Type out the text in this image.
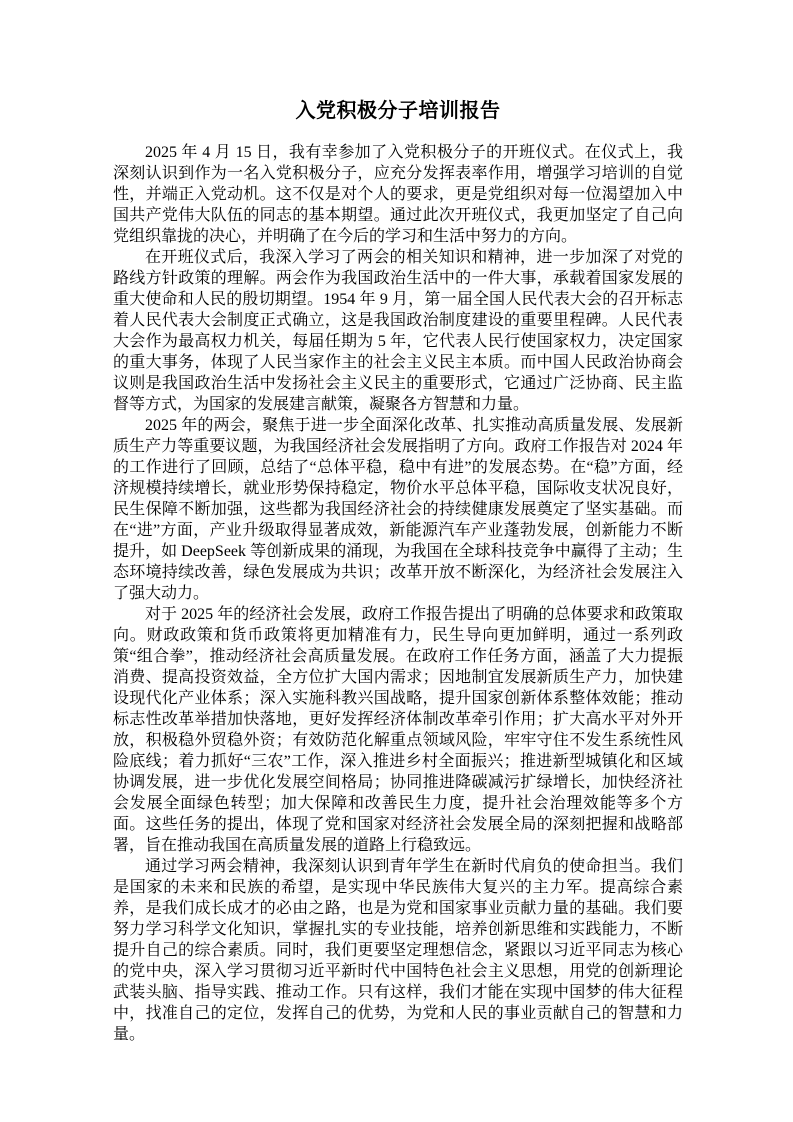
入党积极分子培训报告

2025 年 4 月 15 日，我有幸参加了入党积极分子的开班仪式。在仪式上，我深刻认识到作为一名入党积极分子，应充分发挥表率作用，增强学习培训的自觉性，并端正入党动机。这不仅是对个人的要求，更是党组织对每一位渴望加入中国共产党伟大队伍的同志的基本期望。通过此次开班仪式，我更加坚定了自己向党组织靠拢的决心，并明确了在今后的学习和生活中努力的方向。

在开班仪式后，我深入学习了两会的相关知识和精神，进一步加深了对党的路线方针政策的理解。两会作为我国政治生活中的一件大事，承载着国家发展的重大使命和人民的殷切期望。1954 年 9 月，第一届全国人民代表大会的召开标志着人民代表大会制度正式确立，这是我国政治制度建设的重要里程碑。人民代表大会作为最高权力机关，每届任期为 5 年，它代表人民行使国家权力，决定国家的重大事务，体现了人民当家作主的社会主义民主本质。而中国人民政治协商会议则是我国政治生活中发扬社会主义民主的重要形式，它通过广泛协商、民主监督等方式，为国家的发展建言献策，凝聚各方智慧和力量。

2025 年的两会，聚焦于进一步全面深化改革、扎实推动高质量发展、发展新质生产力等重要议题，为我国经济社会发展指明了方向。政府工作报告对 2024 年的工作进行了回顾，总结了“总体平稳，稳中有进”的发展态势。在“稳”方面，经济规模持续增长，就业形势保持稳定，物价水平总体平稳，国际收支状况良好，民生保障不断加强，这些都为我国经济社会的持续健康发展奠定了坚实基础。而在“进”方面，产业升级取得显著成效，新能源汽车产业蓬勃发展，创新能力不断提升，如 DeepSeek 等创新成果的涌现，为我国在全球科技竞争中赢得了主动；生态环境持续改善，绿色发展成为共识；改革开放不断深化，为经济社会发展注入了强大动力。

对于 2025 年的经济社会发展，政府工作报告提出了明确的总体要求和政策取向。财政政策和货币政策将更加精准有力，民生导向更加鲜明，通过一系列政策“组合拳”，推动经济社会高质量发展。在政府工作任务方面，涵盖了大力提振消费、提高投资效益，全方位扩大国内需求；因地制宜发展新质生产力，加快建设现代化产业体系；深入实施科教兴国战略，提升国家创新体系整体效能；推动标志性改革举措加快落地，更好发挥经济体制改革牵引作用；扩大高水平对外开放，积极稳外贸稳外资；有效防范化解重点领域风险，牢牢守住不发生系统性风险底线；着力抓好“三农”工作，深入推进乡村全面振兴；推进新型城镇化和区域协调发展，进一步优化发展空间格局；协同推进降碳减污扩绿增长，加快经济社会发展全面绿色转型；加大保障和改善民生力度，提升社会治理效能等多个方面。这些任务的提出，体现了党和国家对经济社会发展全局的深刻把握和战略部署，旨在推动我国在高质量发展的道路上行稳致远。

通过学习两会精神，我深刻认识到青年学生在新时代肩负的使命担当。我们是国家的未来和民族的希望，是实现中华民族伟大复兴的主力军。提高综合素养，是我们成长成才的必由之路，也是为党和国家事业贡献力量的基础。我们要努力学习科学文化知识，掌握扎实的专业技能，培养创新思维和实践能力，不断提升自己的综合素质。同时，我们更要坚定理想信念，紧跟以习近平同志为核心的党中央，深入学习贯彻习近平新时代中国特色社会主义思想，用党的创新理论武装头脑、指导实践、推动工作。只有这样，我们才能在实现中国梦的伟大征程中，找准自己的定位，发挥自己的优势，为党和人民的事业贡献自己的智慧和力量。
